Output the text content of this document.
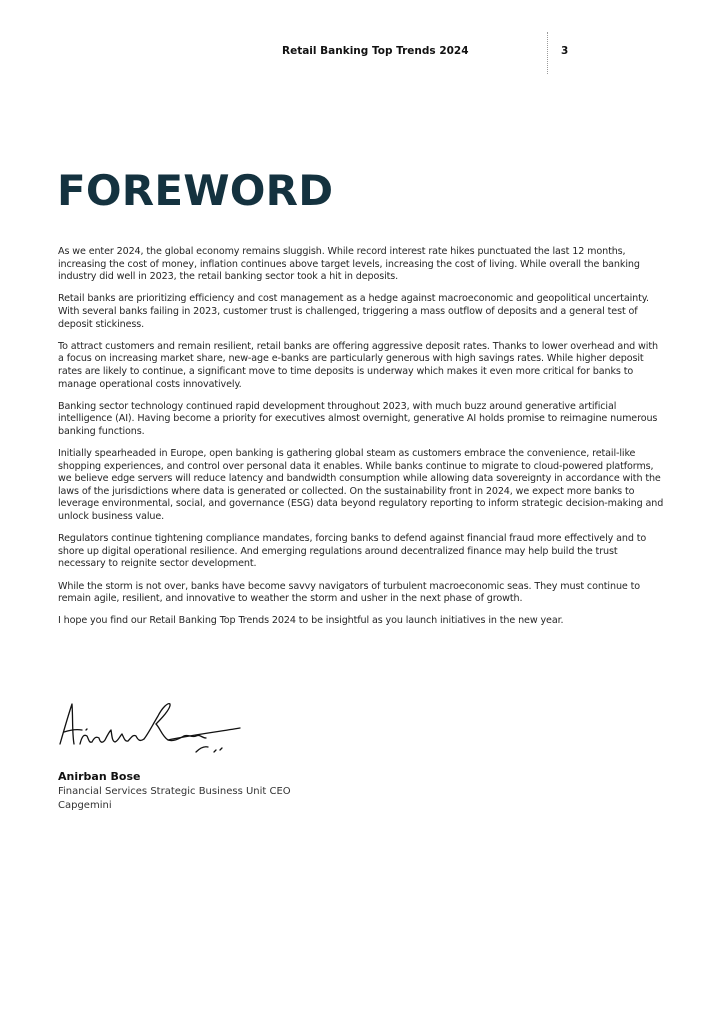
Retail Banking Top Trends 2024	3
FOREWORD

As we enter 2024, the global economy remains sluggish. While record interest rate hikes punctuated the last 12 months, increasing the cost of money, inflation continues above target levels, increasing the cost of living. While overall the banking industry did well in 2023, the retail banking sector took a hit in deposits.

Retail banks are prioritizing efficiency and cost management as a hedge against macroeconomic and geopolitical uncertainty. With several banks failing in 2023, customer trust is challenged, triggering a mass outflow of deposits and a general test of deposit stickiness.

To attract customers and remain resilient, retail banks are offering aggressive deposit rates. Thanks to lower overhead and with a focus on increasing market share, new-age e-banks are particularly generous with high savings rates. While higher deposit rates are likely to continue, a significant move to time deposits is underway which makes it even more critical for banks to manage operational costs innovatively.

Banking sector technology continued rapid development throughout 2023, with much buzz around generative artificial intelligence (AI). Having become a priority for executives almost overnight, generative AI holds promise to reimagine numerous banking functions.

Initially spearheaded in Europe, open banking is gathering global steam as customers embrace the convenience, retail-like shopping experiences, and control over personal data it enables. While banks continue to migrate to cloud-powered platforms, we believe edge servers will reduce latency and bandwidth consumption while allowing data sovereignty in accordance with the laws of the jurisdictions where data is generated or collected. On the sustainability front in 2024, we expect more banks to leverage environmental, social, and governance (ESG) data beyond regulatory reporting to inform strategic decision-making and unlock business value.

Regulators continue tightening compliance mandates, forcing banks to defend against financial fraud more effectively and to shore up digital operational resilience. And emerging regulations around decentralized finance may help build the trust necessary to reignite sector development.

While the storm is not over, banks have become savvy navigators of turbulent macroeconomic seas. They must continue to remain agile, resilient, and innovative to weather the storm and usher in the next phase of growth.

I hope you find our Retail Banking Top Trends 2024 to be insightful as you launch initiatives in the new year.

Anirban Bose
Financial Services Strategic Business Unit CEO
Capgemini
